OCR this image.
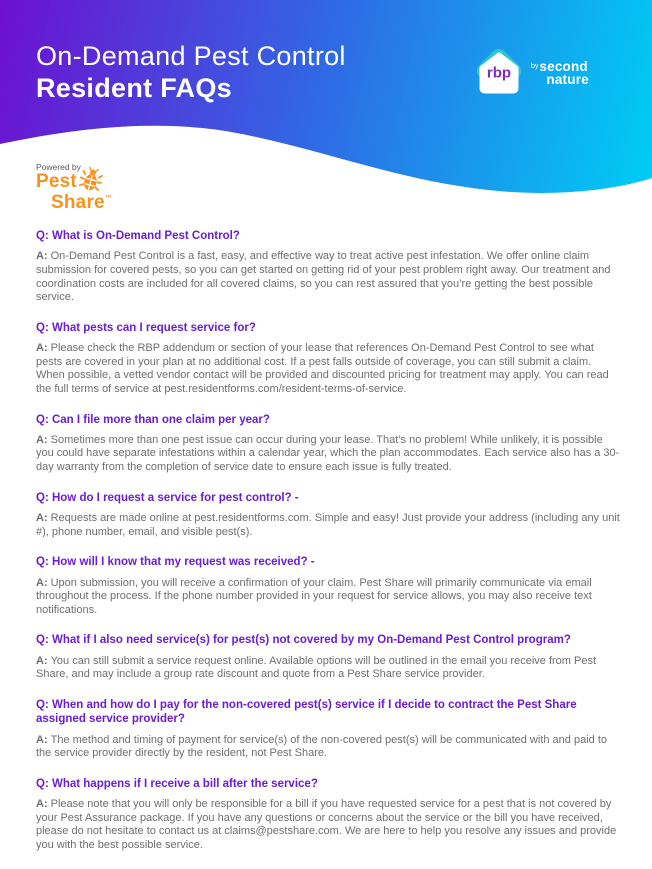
On-Demand Pest Control
Resident FAQs
rbp	by second
nature
Powered by
Pest
Share ™
Q: What is On-Demand Pest Control?

A: On-Demand Pest Control is a fast, easy, and effective way to treat active pest infestation. We offer online claim submission for covered pests, so you can get started on getting rid of your pest problem right away. Our treatment and coordination costs are included for all covered claims, so you can rest assured that you’re getting the best possible service.

Q: What pests can I request service for?

A: Please check the RBP addendum or section of your lease that references On-Demand Pest Control to see what pests are covered in your plan at no additional cost. If a pest falls outside of coverage, you can still submit a claim. When possible, a vetted vendor contact will be provided and discounted pricing for treatment may apply. You can read the full terms of service at pest.residentforms.com/resident-terms-of-service.

Q: Can I file more than one claim per year?

A: Sometimes more than one pest issue can occur during your lease. That’s no problem! While unlikely, it is possible you could have separate infestations within a calendar year, which the plan accommodates. Each service also has a 30-day warranty from the completion of service date to ensure each issue is fully treated.

Q: How do I request a service for pest control? -

A: Requests are made online at pest.residentforms.com. Simple and easy! Just provide your address (including any unit #), phone number, email, and visible pest(s).

Q: How will I know that my request was received? -

A: Upon submission, you will receive a confirmation of your claim. Pest Share will primarily communicate via email throughout the process. If the phone number provided in your request for service allows, you may also receive text notifications.

Q: What if I also need service(s) for pest(s) not covered by my On-Demand Pest Control program?

A: You can still submit a service request online. Available options will be outlined in the email you receive from Pest Share, and may include a group rate discount and quote from a Pest Share service provider.

Q: When and how do I pay for the non-covered pest(s) service if I decide to contract the Pest Share assigned service provider?

A: The method and timing of payment for service(s) of the non-covered pest(s) will be communicated with and paid to the service provider directly by the resident, not Pest Share.

Q: What happens if I receive a bill after the service?

A: Please note that you will only be responsible for a bill if you have requested service for a pest that is not covered by your Pest Assurance package. If you have any questions or concerns about the service or the bill you have received, please do not hesitate to contact us at claims@pestshare.com. We are here to help you resolve any issues and provide you with the best possible service.
